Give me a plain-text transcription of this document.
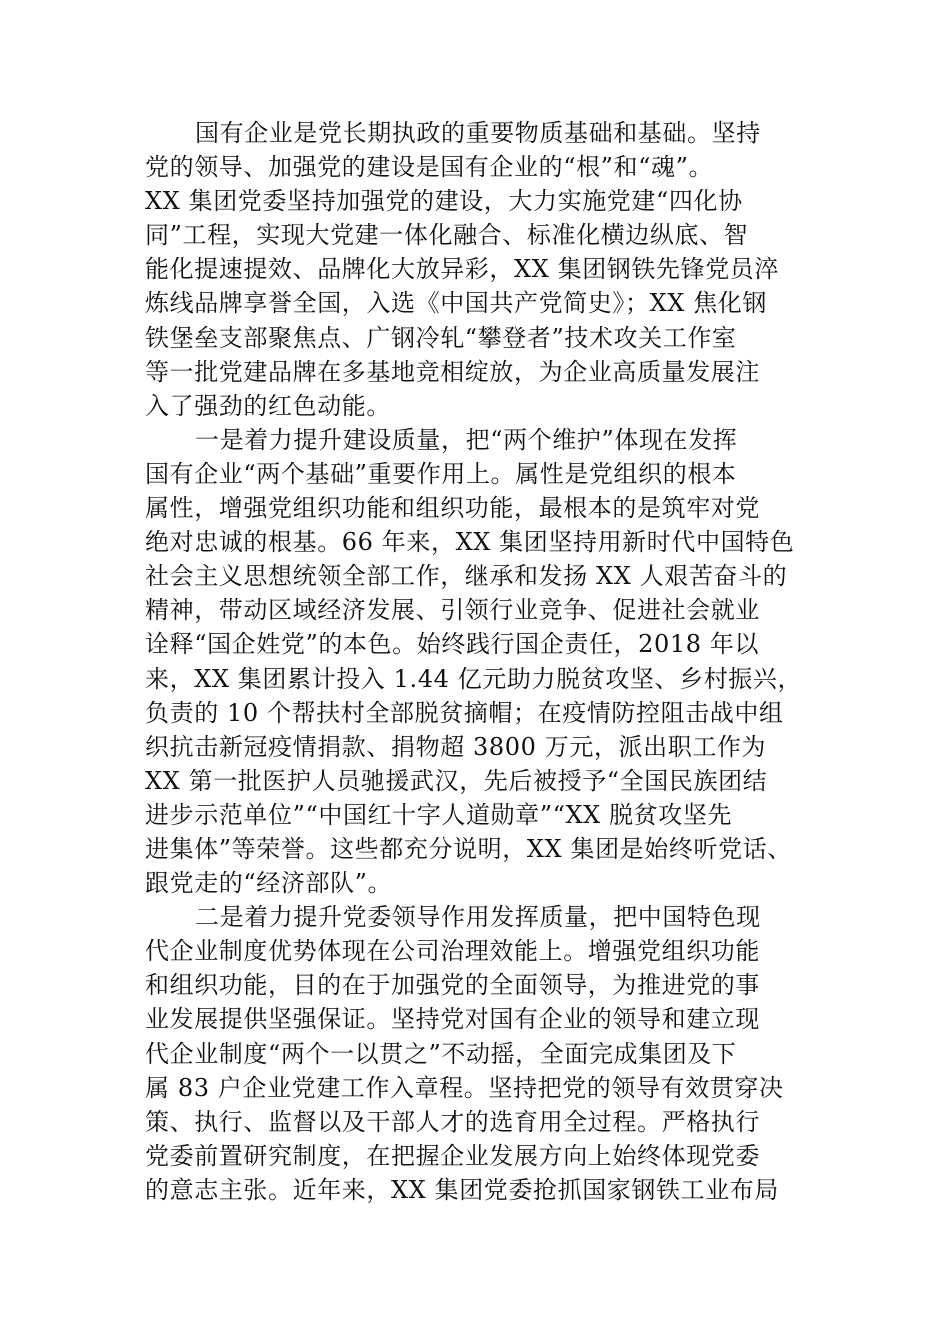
国有企业是党长期执政的重要物质基础和基础。坚持
党的领导、加强党的建设是国有企业的“根”和“魂”。
XX 集团党委坚持加强党的建设，大力实施党建“四化协
同”工程，实现大党建一体化融合、标准化横边纵底、智
能化提速提效、品牌化大放异彩，XX 集团钢铁先锋党员淬
炼线品牌享誉全国，入选《中国共产党简史》；XX 焦化钢
铁堡垒支部聚焦点、广钢冷轧“攀登者”技术攻关工作室
等一批党建品牌在多基地竞相绽放，为企业高质量发展注
入了强劲的红色动能。
一是着力提升建设质量，把“两个维护”体现在发挥
国有企业“两个基础”重要作用上。属性是党组织的根本
属性，增强党组织功能和组织功能，最根本的是筑牢对党
绝对忠诚的根基。66 年来，XX 集团坚持用新时代中国特色
社会主义思想统领全部工作，继承和发扬 XX 人艰苦奋斗的
精神，带动区域经济发展、引领行业竞争、促进社会就业
诠释“国企姓党”的本色。始终践行国企责任，2018 年以
来，XX 集团累计投入 1.44 亿元助力脱贫攻坚、乡村振兴，
负责的 10 个帮扶村全部脱贫摘帽；在疫情防控阻击战中组
织抗击新冠疫情捐款、捐物超 3800 万元，派出职工作为
XX 第一批医护人员驰援武汉，先后被授予“全国民族团结
进步示范单位”“中国红十字人道勋章”“XX 脱贫攻坚先
进集体”等荣誉。这些都充分说明，XX 集团是始终听党话、
跟党走的“经济部队”。
二是着力提升党委领导作用发挥质量，把中国特色现
代企业制度优势体现在公司治理效能上。增强党组织功能
和组织功能，目的在于加强党的全面领导，为推进党的事
业发展提供坚强保证。坚持党对国有企业的领导和建立现
代企业制度“两个一以贯之”不动摇，全面完成集团及下
属 83 户企业党建工作入章程。坚持把党的领导有效贯穿决
策、执行、监督以及干部人才的选育用全过程。严格执行
党委前置研究制度，在把握企业发展方向上始终体现党委
的意志主张。近年来，XX 集团党委抢抓国家钢铁工业布局
